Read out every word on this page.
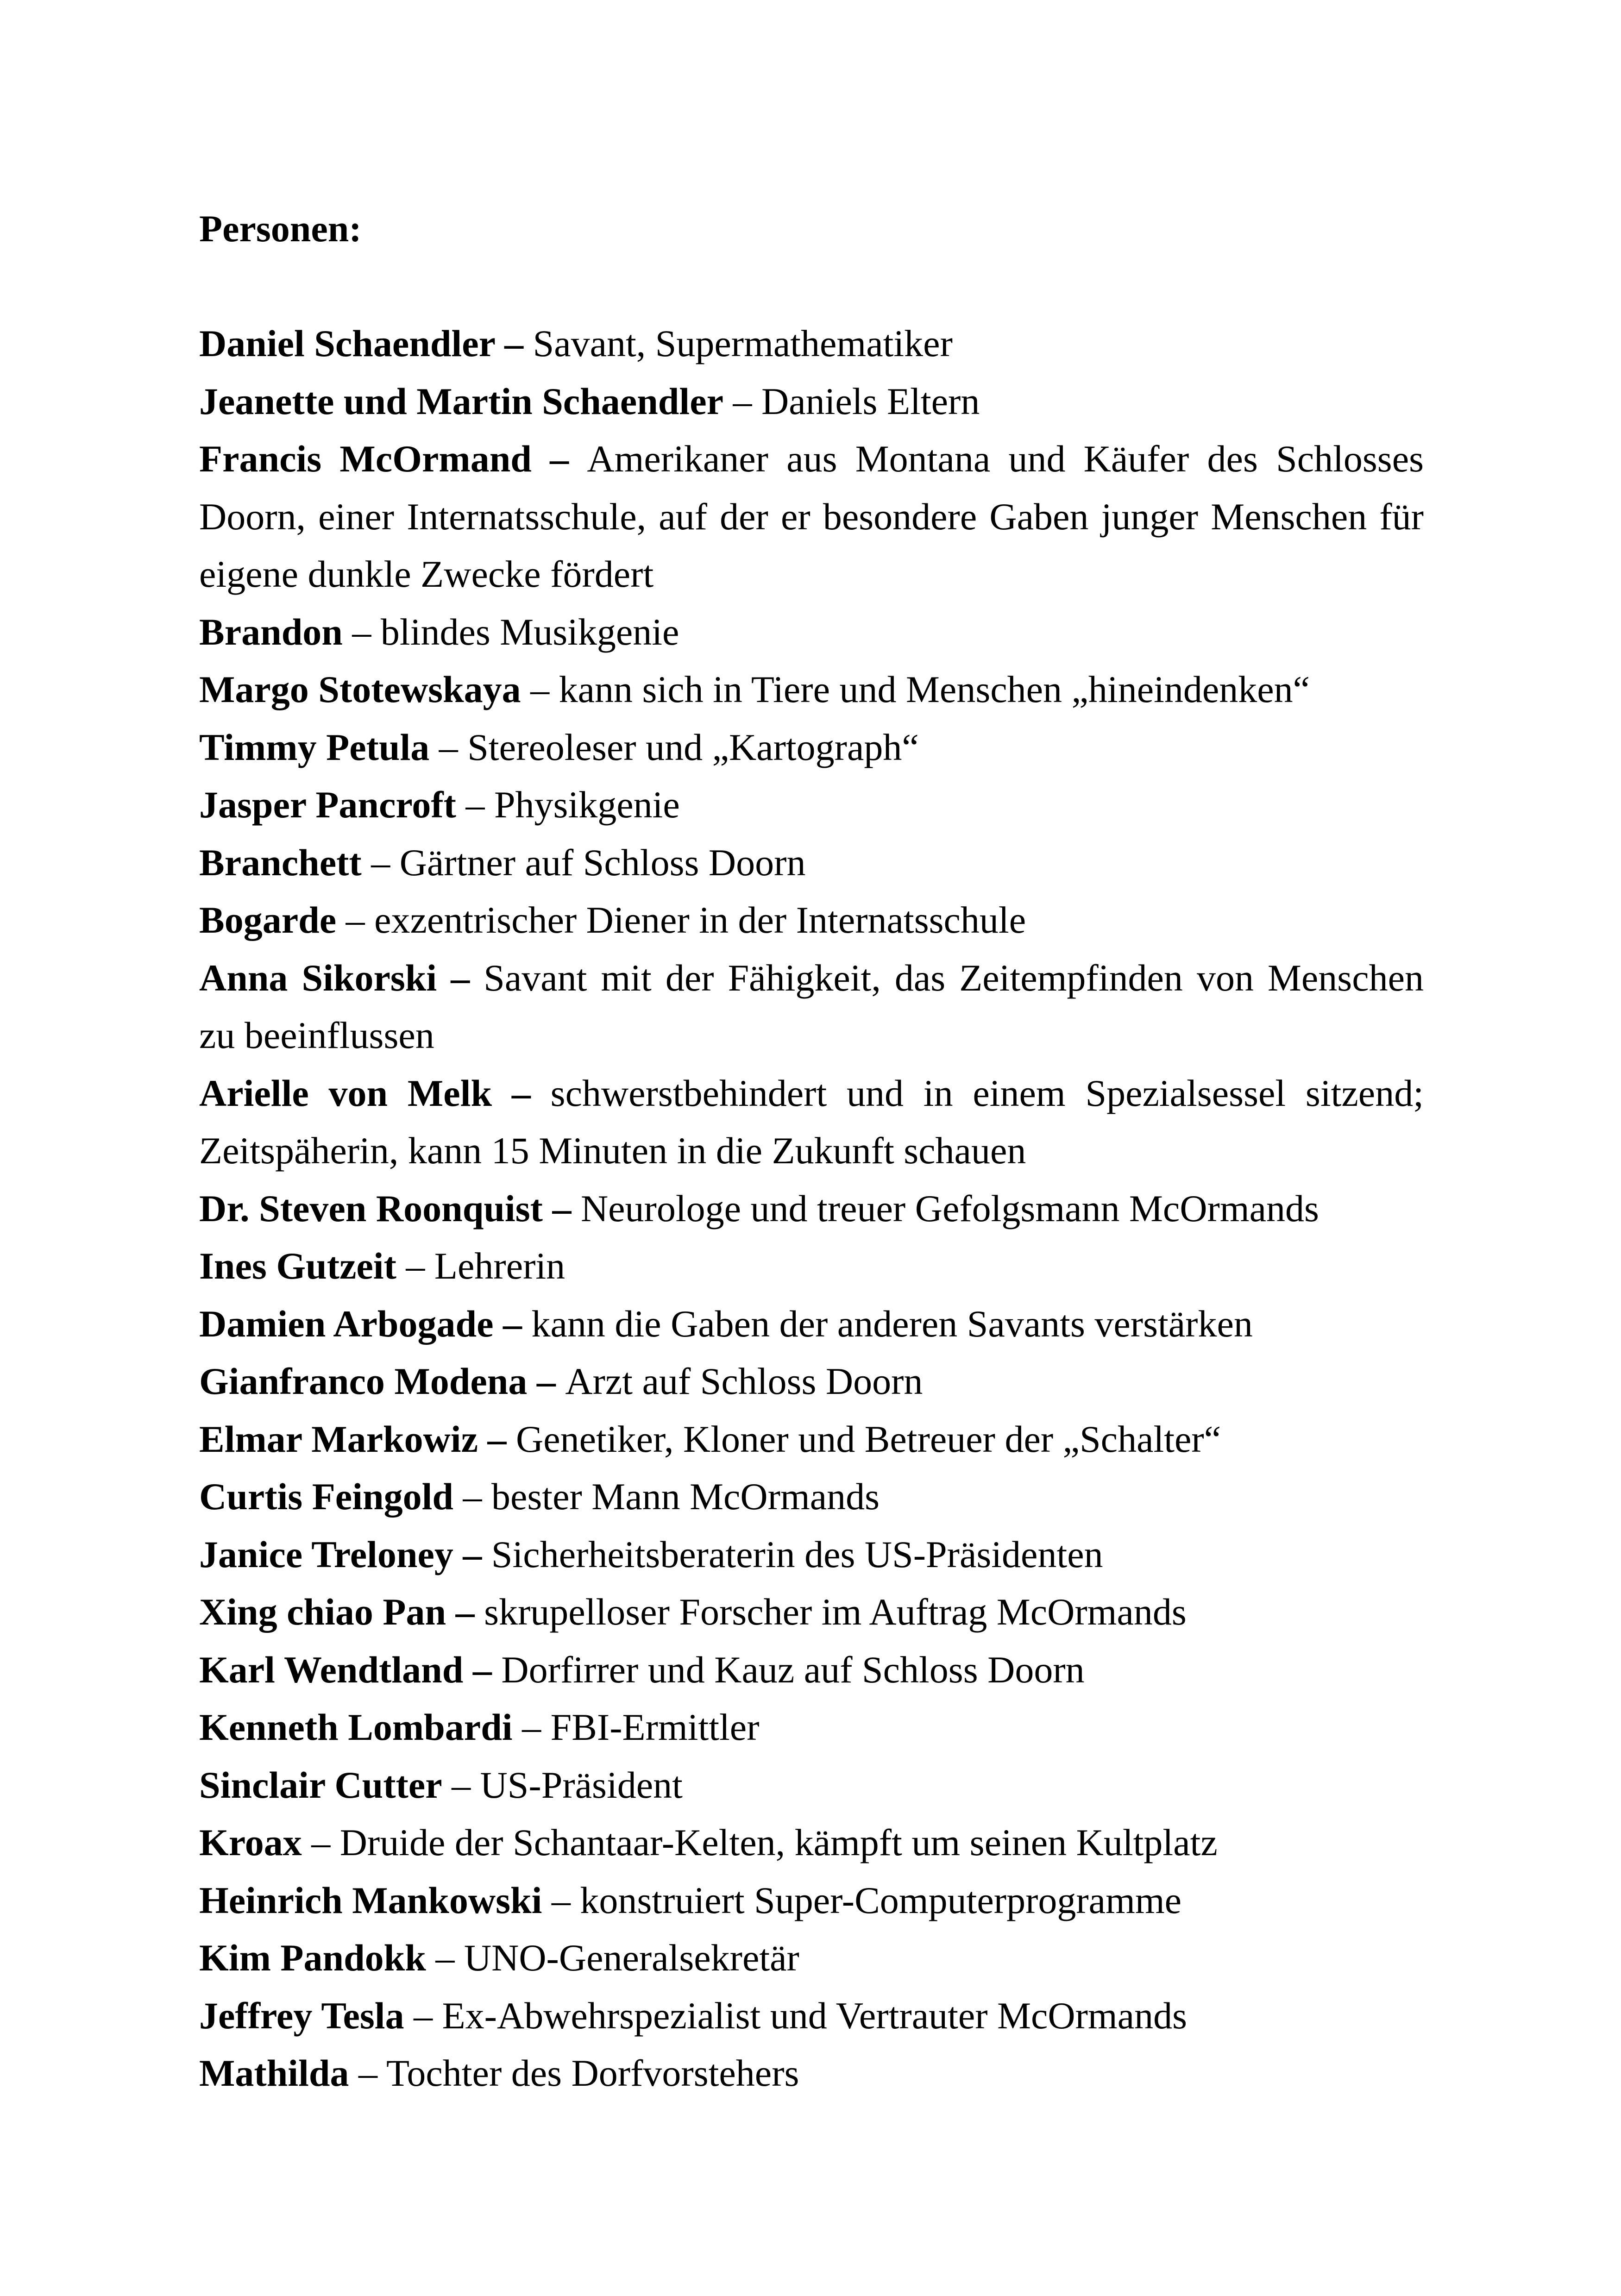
Personen:
Daniel Schaendler – Savant, Supermathematiker
Jeanette und Martin Schaendler – Daniels Eltern
Francis McOrmand – Amerikaner aus Montana und Käufer des Schlosses Doorn, einer Internatsschule, auf der er besondere Gaben junger Menschen für eigene dunkle Zwecke fördert
Brandon – blindes Musikgenie
Margo Stotewskaya – kann sich in Tiere und Menschen „hineindenken“
Timmy Petula – Stereoleser und „Kartograph“
Jasper Pancroft – Physikgenie
Branchett – Gärtner auf Schloss Doorn
Bogarde – exzentrischer Diener in der Internatsschule
Anna Sikorski – Savant mit der Fähigkeit, das Zeitempfinden von Menschen zu beeinflussen
Arielle von Melk – schwerstbehindert und in einem Spezialsessel sitzend; Zeitspäherin, kann 15 Minuten in die Zukunft schauen
Dr. Steven Roonquist – Neurologe und treuer Gefolgsmann McOrmands
Ines Gutzeit – Lehrerin
Damien Arbogade – kann die Gaben der anderen Savants verstärken
Gianfranco Modena – Arzt auf Schloss Doorn
Elmar Markowiz – Genetiker, Kloner und Betreuer der „Schalter“
Curtis Feingold – bester Mann McOrmands
Janice Treloney – Sicherheitsberaterin des US-Präsidenten
Xing chiao Pan – skrupelloser Forscher im Auftrag McOrmands
Karl Wendtland – Dorfirrer und Kauz auf Schloss Doorn
Kenneth Lombardi – FBI-Ermittler
Sinclair Cutter – US-Präsident
Kroax – Druide der Schantaar-Kelten, kämpft um seinen Kultplatz
Heinrich Mankowski – konstruiert Super-Computerprogramme
Kim Pandokk – UNO-Generalsekretär
Jeffrey Tesla – Ex-Abwehrspezialist und Vertrauter McOrmands
Mathilda – Tochter des Dorfvorstehers
